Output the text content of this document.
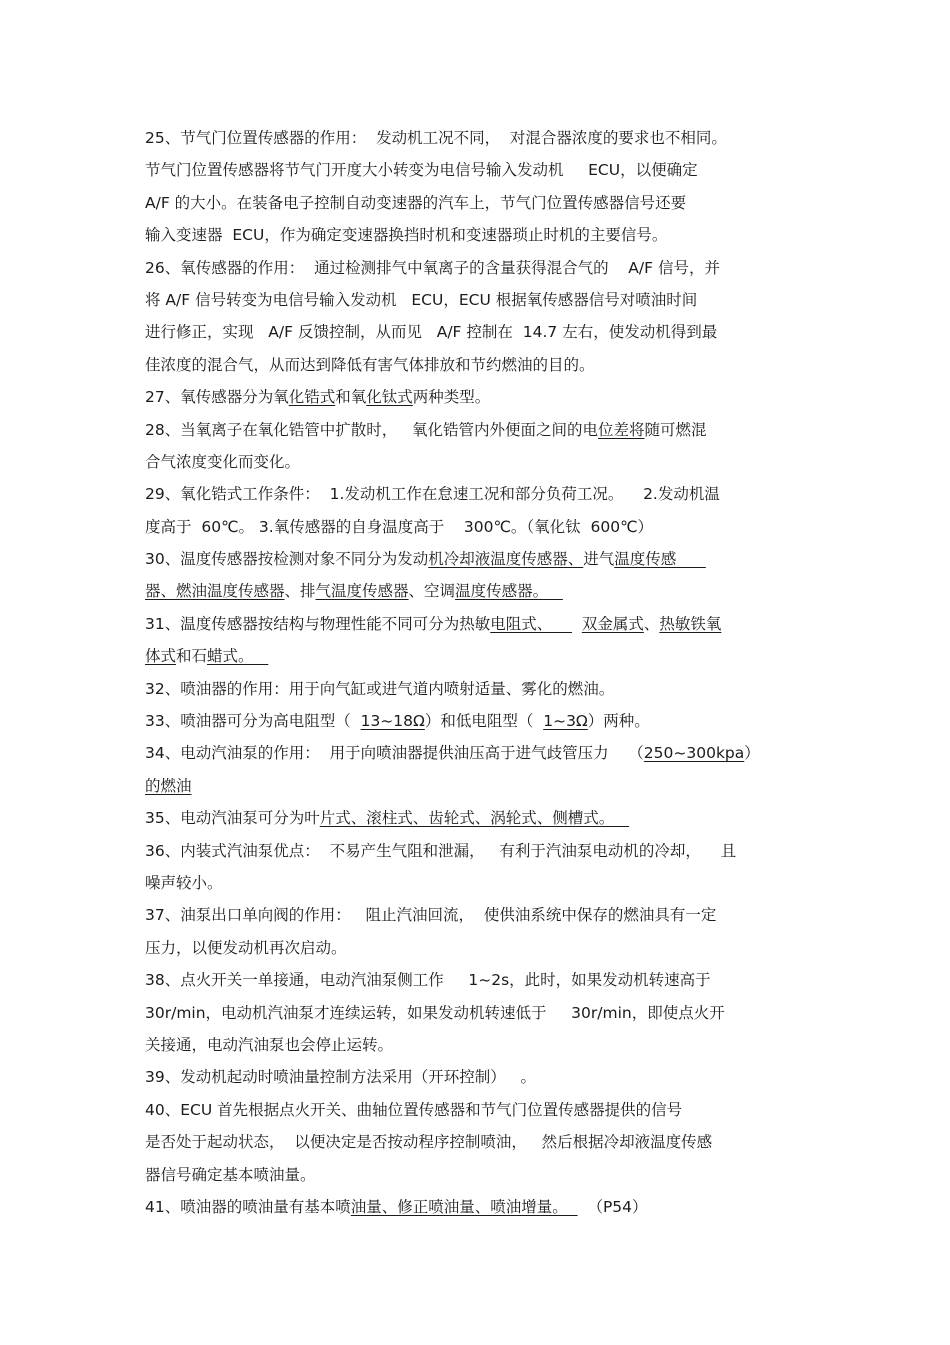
25、节气门位置传感器的作用：  发动机工况不同，  对混合器浓度的要求也不相同。
节气门位置传感器将节气门开度大小转变为电信号输入发动机     ECU，以便确定
A/F 的大小。在装备电子控制自动变速器的汽车上，节气门位置传感器信号还要
输入变速器  ECU，作为确定变速器换挡时机和变速器琐止时机的主要信号。
26、氧传感器的作用：  通过检测排气中氧离子的含量获得混合气的    A/F 信号，并
将 A/F 信号转变为电信号输入发动机   ECU，ECU 根据氧传感器信号对喷油时间
进行修正，实现   A/F 反馈控制，从而见   A/F 控制在  14.7 左右，使发动机得到最
佳浓度的混合气，从而达到降低有害气体排放和节约燃油的目的。
27、氧传感器分为氧化锆式和氧化钛式两种类型。
28、当氧离子在氧化锆管中扩散时，   氧化锆管内外便面之间的电位差将随可燃混
合气浓度变化而变化。
29、氧化锆式工作条件：  1.发动机工作在怠速工况和部分负荷工况。    2.发动机温
度高于  60℃。 3.氧传感器的自身温度高于    300℃。（氧化钛  600℃）
30、温度传感器按检测对象不同分为发动机冷却液温度传感器、进气温度传感
器、燃油温度传感器、排气温度传感器、空调温度传感器。
31、温度传感器按结构与物理性能不同可分为热敏电阻式、      双金属式、热敏铁氧
体式和石蜡式。
32、喷油器的作用：用于向气缸或进气道内喷射适量、雾化的燃油。
33、喷油器可分为高电阻型（  13~18Ω）和低电阻型（  1~3Ω）两种。
34、电动汽油泵的作用：  用于向喷油器提供油压高于进气歧管压力    （250~300kpa）
的燃油
35、电动汽油泵可分为叶片式、滚柱式、齿轮式、涡轮式、侧槽式。
36、内装式汽油泵优点：  不易产生气阻和泄漏，   有利于汽油泵电动机的冷却，    且
噪声较小。
37、油泵出口单向阀的作用：   阻止汽油回流，  使供油系统中保存的燃油具有一定
压力，以便发动机再次启动。
38、点火开关一单接通，电动汽油泵侧工作     1~2s，此时，如果发动机转速高于
30r/min，电动机汽油泵才连续运转，如果发动机转速低于     30r/min，即使点火开
关接通，电动汽油泵也会停止运转。
39、发动机起动时喷油量控制方法采用（开环控制）   。
40、ECU 首先根据点火开关、曲轴位置传感器和节气门位置传感器提供的信号
是否处于起动状态，  以便决定是否按动程序控制喷油，   然后根据冷却液温度传感
器信号确定基本喷油量。
41、喷油器的喷油量有基本喷油量、修正喷油量、喷油增量。    （P54）
